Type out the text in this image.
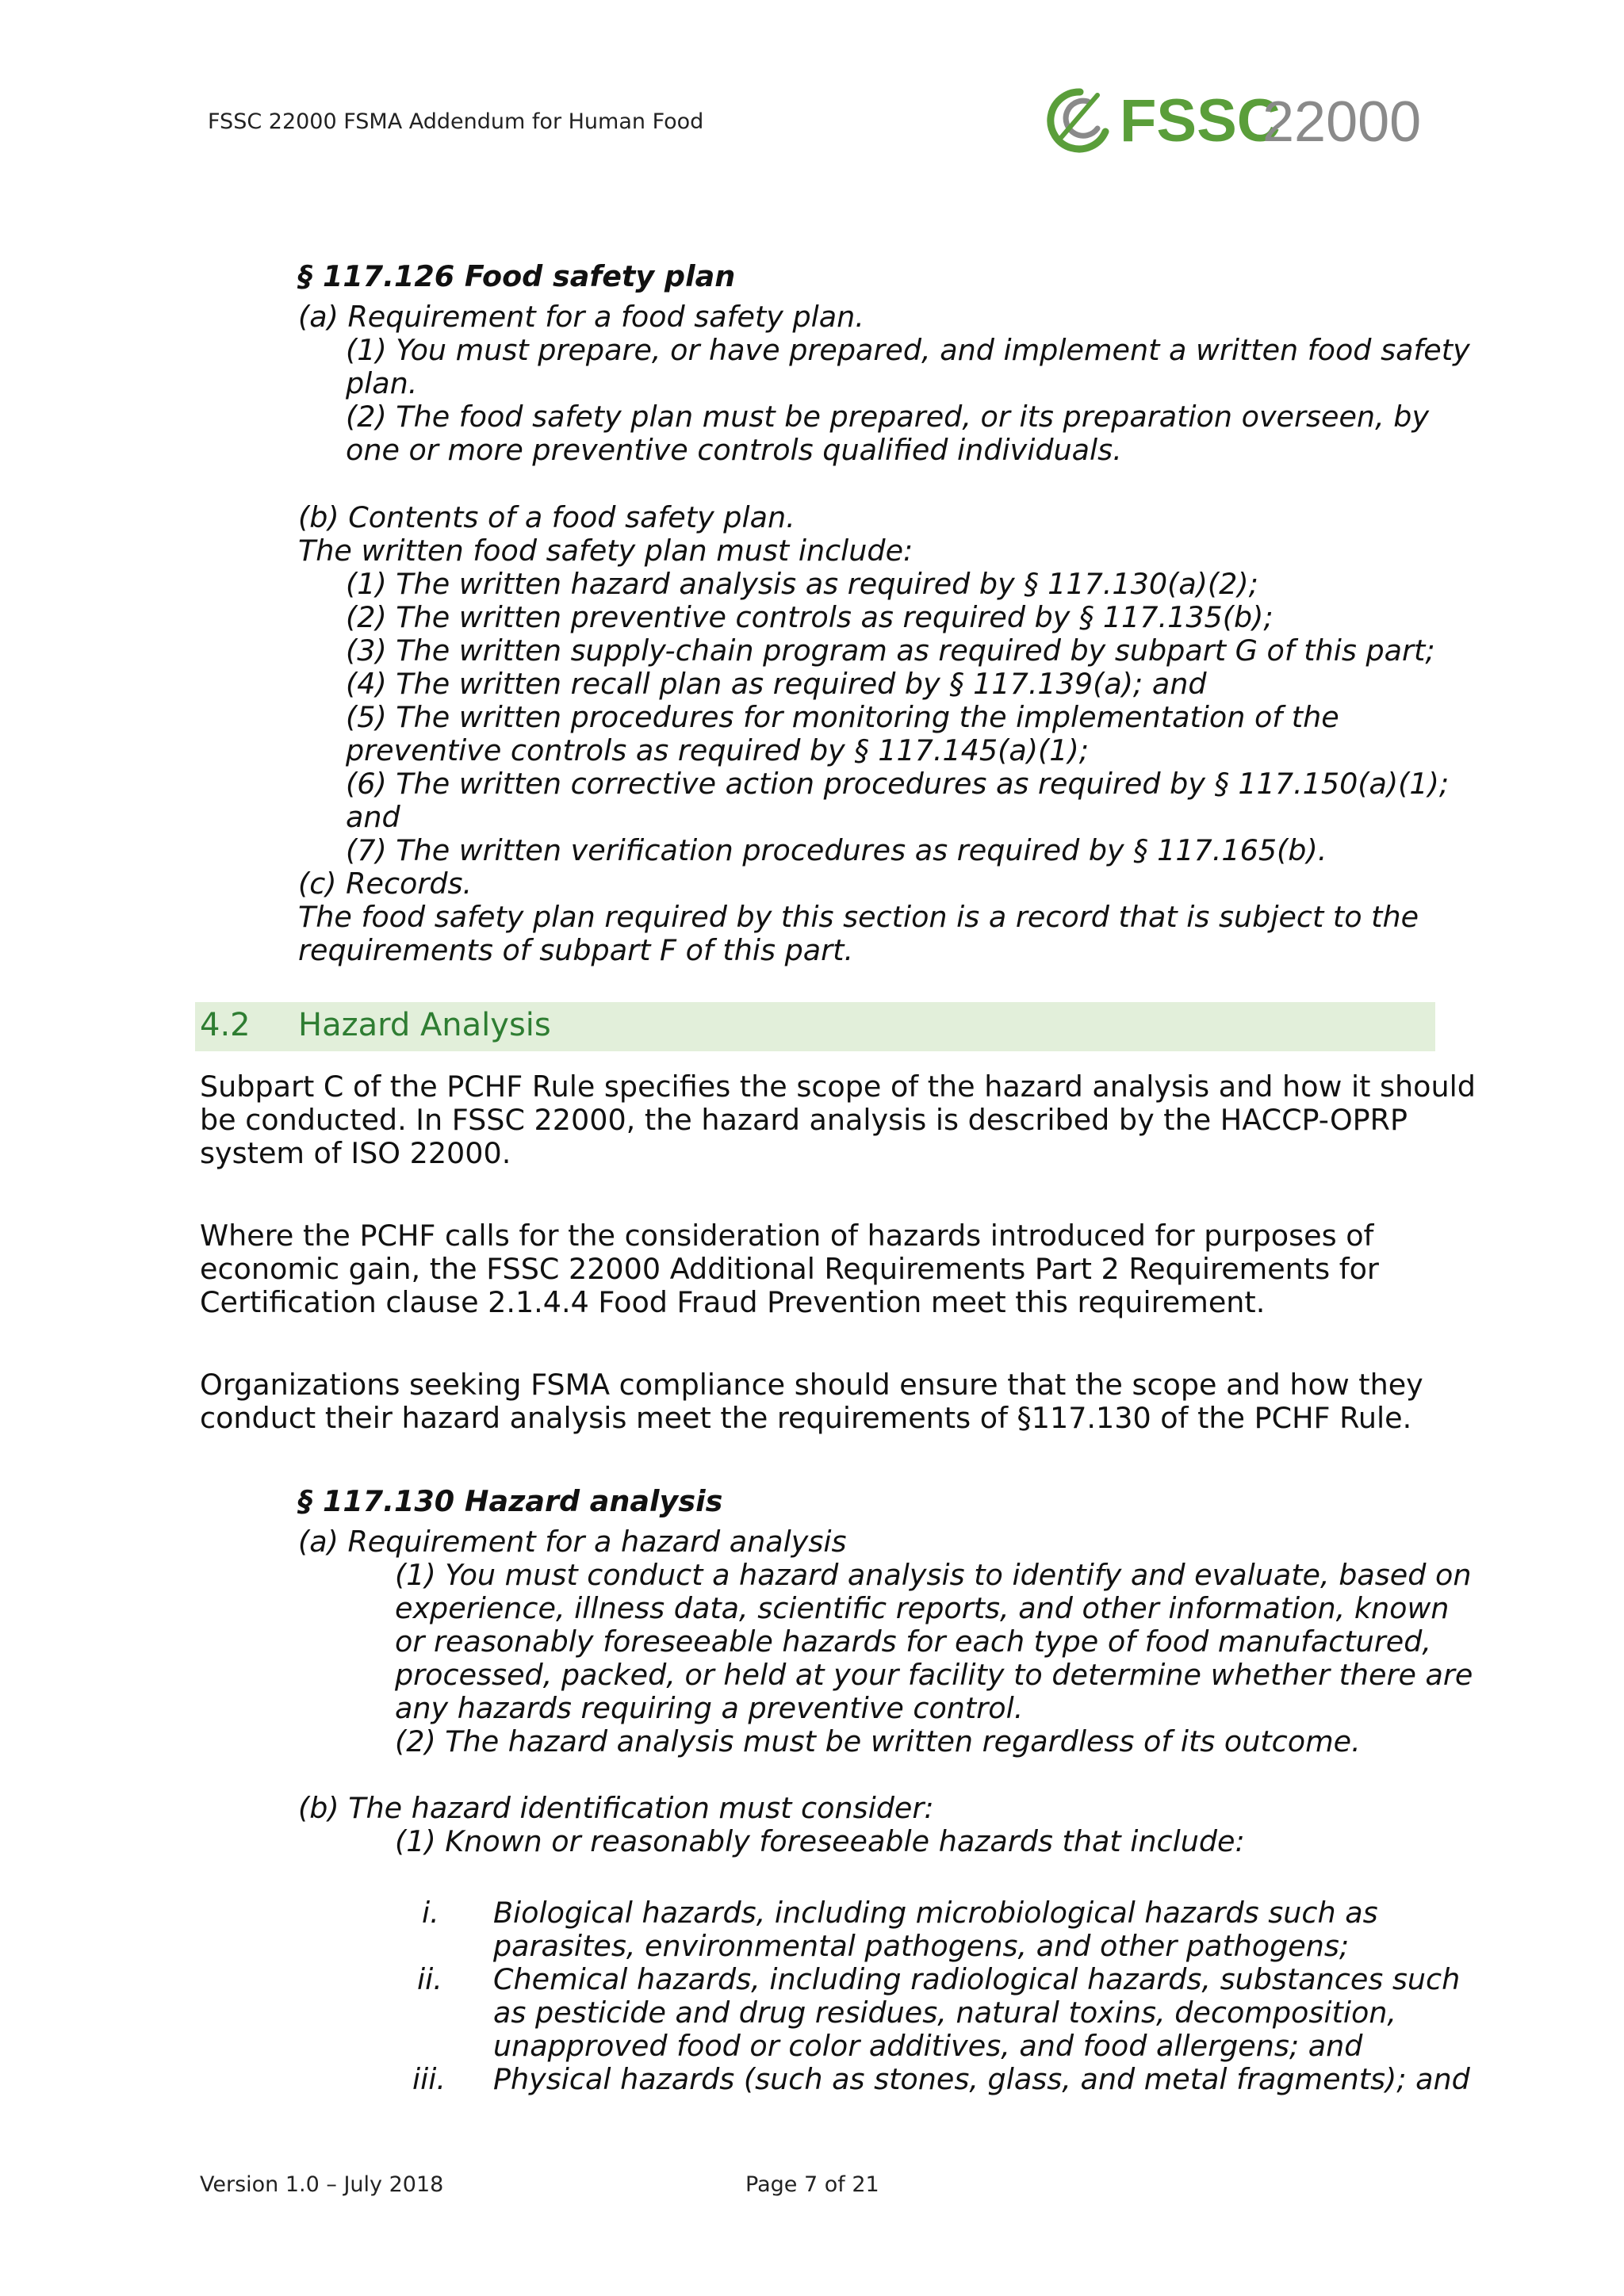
FSSC 22000 FSMA Addendum for Human Food	FSSC
22000
§ 117.126 Food safety plan
(a) Requirement for a food safety plan.
(1) You must prepare, or have prepared, and implement a written food safety
plan.
(2) The food safety plan must be prepared, or its preparation overseen, by
one or more preventive controls qualified individuals.
(b) Contents of a food safety plan.
The written food safety plan must include:
(1) The written hazard analysis as required by § 117.130(a)(2);
(2) The written preventive controls as required by § 117.135(b);
(3) The written supply-chain program as required by subpart G of this part;
(4) The written recall plan as required by § 117.139(a); and
(5) The written procedures for monitoring the implementation of the
preventive controls as required by § 117.145(a)(1);
(6) The written corrective action procedures as required by § 117.150(a)(1);
and
(7) The written verification procedures as required by § 117.165(b).
(c) Records.
The food safety plan required by this section is a record that is subject to the
requirements of subpart F of this part.
4.2 Hazard Analysis
Subpart C of the PCHF Rule specifies the scope of the hazard analysis and how it should
be conducted. In FSSC 22000, the hazard analysis is described by the HACCP-OPRP
system of ISO 22000.
Where the PCHF calls for the consideration of hazards introduced for purposes of
economic gain, the FSSC 22000 Additional Requirements Part 2 Requirements for
Certification clause 2.1.4.4 Food Fraud Prevention meet this requirement.
Organizations seeking FSMA compliance should ensure that the scope and how they
conduct their hazard analysis meet the requirements of §117.130 of the PCHF Rule.
§ 117.130 Hazard analysis
(a) Requirement for a hazard analysis
(1) You must conduct a hazard analysis to identify and evaluate, based on
experience, illness data, scientific reports, and other information, known
or reasonably foreseeable hazards for each type of food manufactured,
processed, packed, or held at your facility to determine whether there are
any hazards requiring a preventive control.
(2) The hazard analysis must be written regardless of its outcome.
(b) The hazard identification must consider:
(1) Known or reasonably foreseeable hazards that include:
i. Biological hazards, including microbiological hazards such as
parasites, environmental pathogens, and other pathogens;
ii. Chemical hazards, including radiological hazards, substances such
as pesticide and drug residues, natural toxins, decomposition,
unapproved food or color additives, and food allergens; and
iii. Physical hazards (such as stones, glass, and metal fragments); and
Version 1.0 – July 2018	Page 7 of 21
